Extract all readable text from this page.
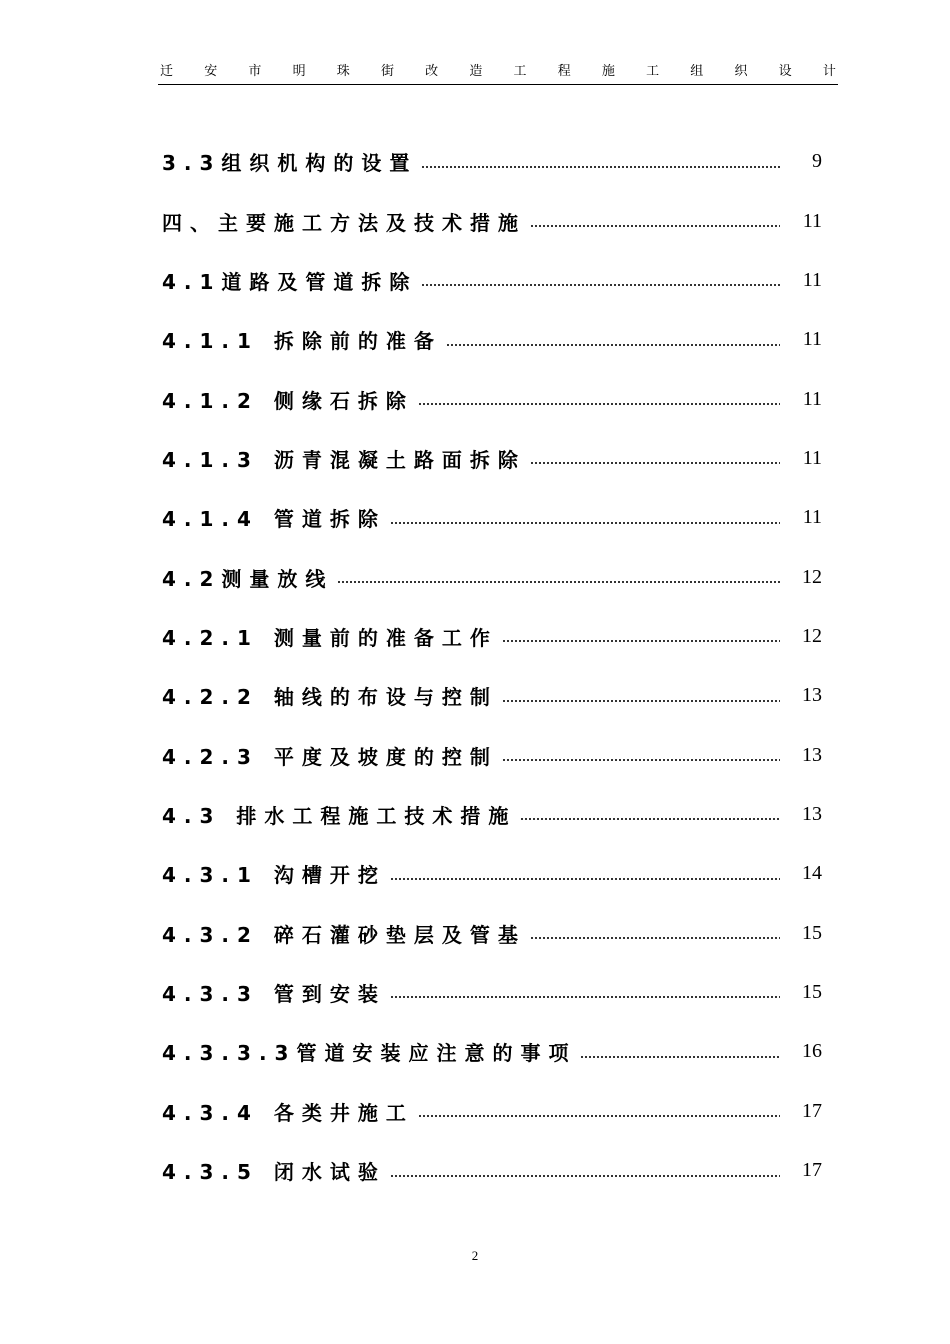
迁 安 市 明 珠 街 改 造 工 程 施 工 组 织 设 计
3.3组织机构的设置	9
四、主要施工方法及技术措施	11
4.1道路及管道拆除	11
4.1.1 拆除前的准备	11
4.1.2 侧缘石拆除	11
4.1.3 沥青混凝土路面拆除	11
4.1.4 管道拆除	11
4.2测量放线	12
4.2.1 测量前的准备工作	12
4.2.2 轴线的布设与控制	13
4.2.3 平度及坡度的控制	13
4.3 排水工程施工技术措施	13
4.3.1 沟槽开挖	14
4.3.2 碎石灌砂垫层及管基	15
4.3.3 管到安装	15
4.3.3.3管道安装应注意的事项	16
4.3.4 各类井施工	17
4.3.5 闭水试验	17
2
